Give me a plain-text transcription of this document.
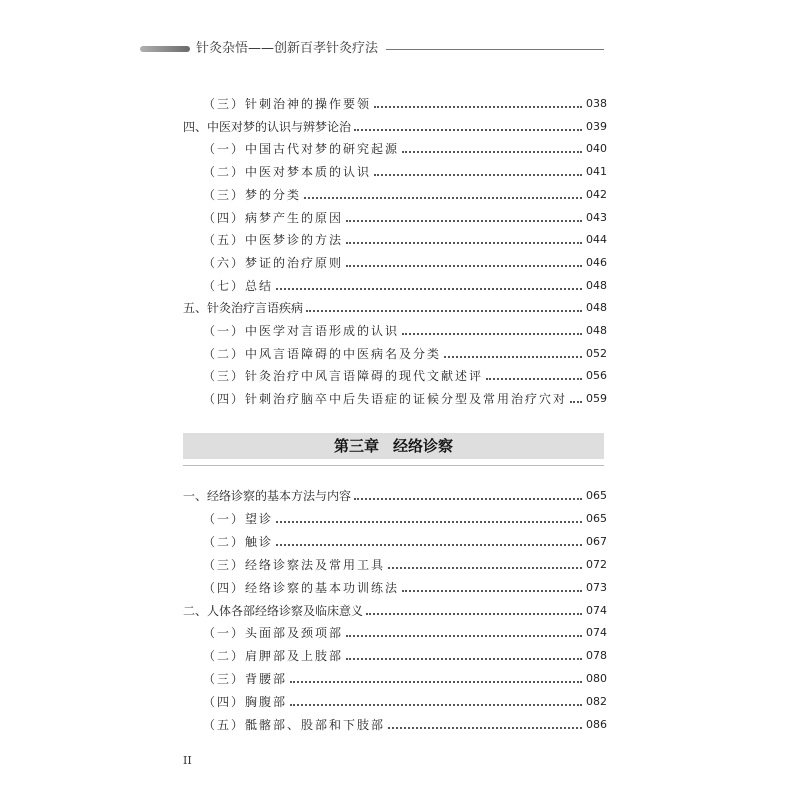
针灸杂悟——创新百孝针灸疗法
（三）针刺治神的操作要领	038
四、中医对梦的认识与辨梦论治	039
（一）中国古代对梦的研究起源	040
（二）中医对梦本质的认识	041
（三）梦的分类	042
（四）病梦产生的原因	043
（五）中医梦诊的方法	044
（六）梦证的治疗原则	046
（七）总结	048
五、针灸治疗言语疾病	048
（一）中医学对言语形成的认识	048
（二）中风言语障碍的中医病名及分类	052
（三）针灸治疗中风言语障碍的现代文献述评	056
（四）针刺治疗脑卒中后失语症的证候分型及常用治疗穴对	059
第三章 经络诊察
一、经络诊察的基本方法与内容	065
（一）望诊	065
（二）触诊	067
（三）经络诊察法及常用工具	072
（四）经络诊察的基本功训练法	073
二、人体各部经络诊察及临床意义	074
（一）头面部及颈项部	074
（二）肩胛部及上肢部	078
（三）背腰部	080
（四）胸腹部	082
（五）骶髂部、股部和下肢部	086
II
